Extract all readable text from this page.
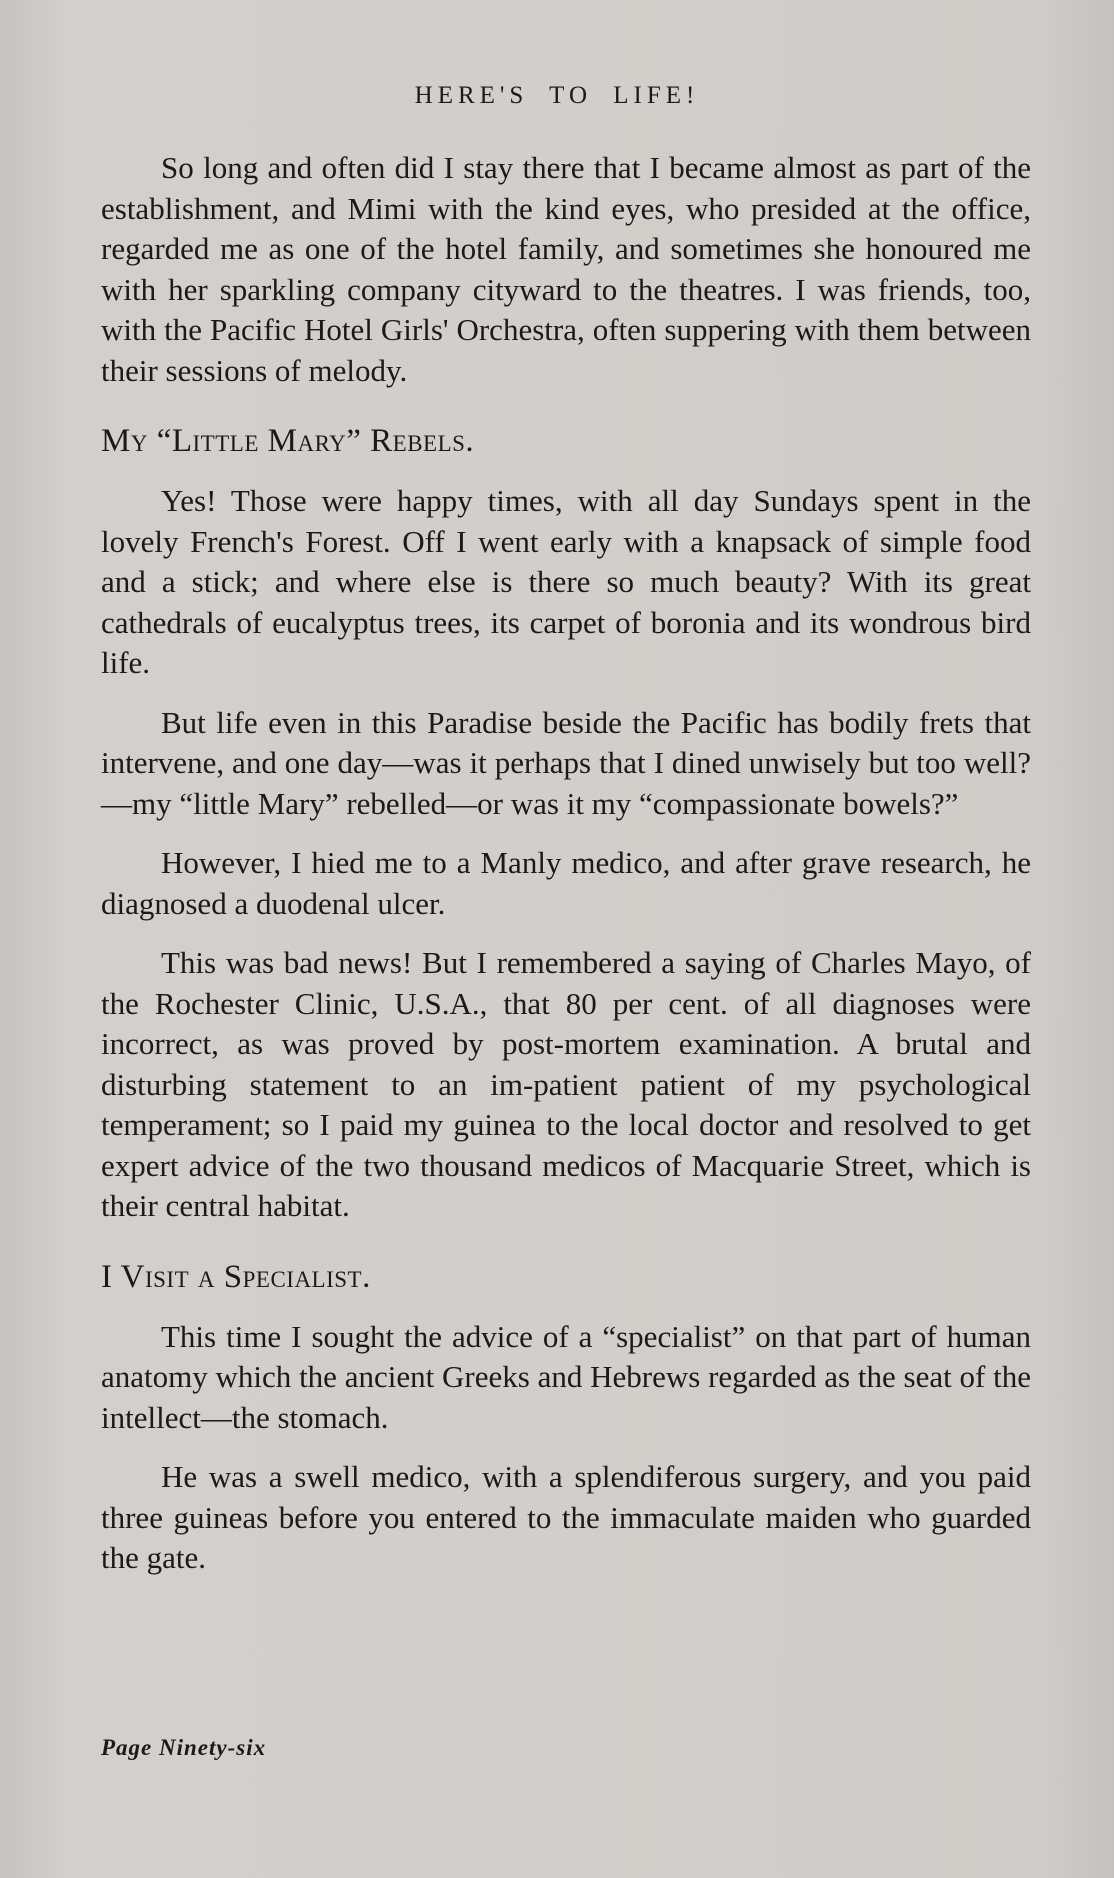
HERE'S TO LIFE!

So long and often did I stay there that I became almost as part of the establishment, and Mimi with the kind eyes, who presided at the office, regarded me as one of the hotel family, and sometimes she honoured me with her sparkling company cityward to the theatres. I was friends, too, with the Pacific Hotel Girls' Orchestra, often suppering with them between their sessions of melody.

My “Little Mary” Rebels.

Yes! Those were happy times, with all day Sundays spent in the lovely French's Forest. Off I went early with a knapsack of simple food and a stick; and where else is there so much beauty? With its great cathedrals of eucalyptus trees, its carpet of boronia and its wondrous bird life.

But life even in this Paradise beside the Pacific has bodily frets that intervene, and one day—was it perhaps that I dined unwisely but too well?—my “little Mary” rebelled—or was it my “compassionate bowels?”

However, I hied me to a Manly medico, and after grave research, he diagnosed a duodenal ulcer.

This was bad news! But I remembered a saying of Charles Mayo, of the Rochester Clinic, U.S.A., that 80 per cent. of all diagnoses were incorrect, as was proved by post-mortem examination. A brutal and disturbing statement to an im-patient patient of my psychological temperament; so I paid my guinea to the local doctor and resolved to get expert advice of the two thousand medicos of Macquarie Street, which is their central habitat.

I Visit a Specialist.

This time I sought the advice of a “specialist” on that part of human anatomy which the ancient Greeks and Hebrews regarded as the seat of the intellect—the stomach.

He was a swell medico, with a splendiferous surgery, and you paid three guineas before you entered to the immaculate maiden who guarded the gate.

Page Ninety-six
